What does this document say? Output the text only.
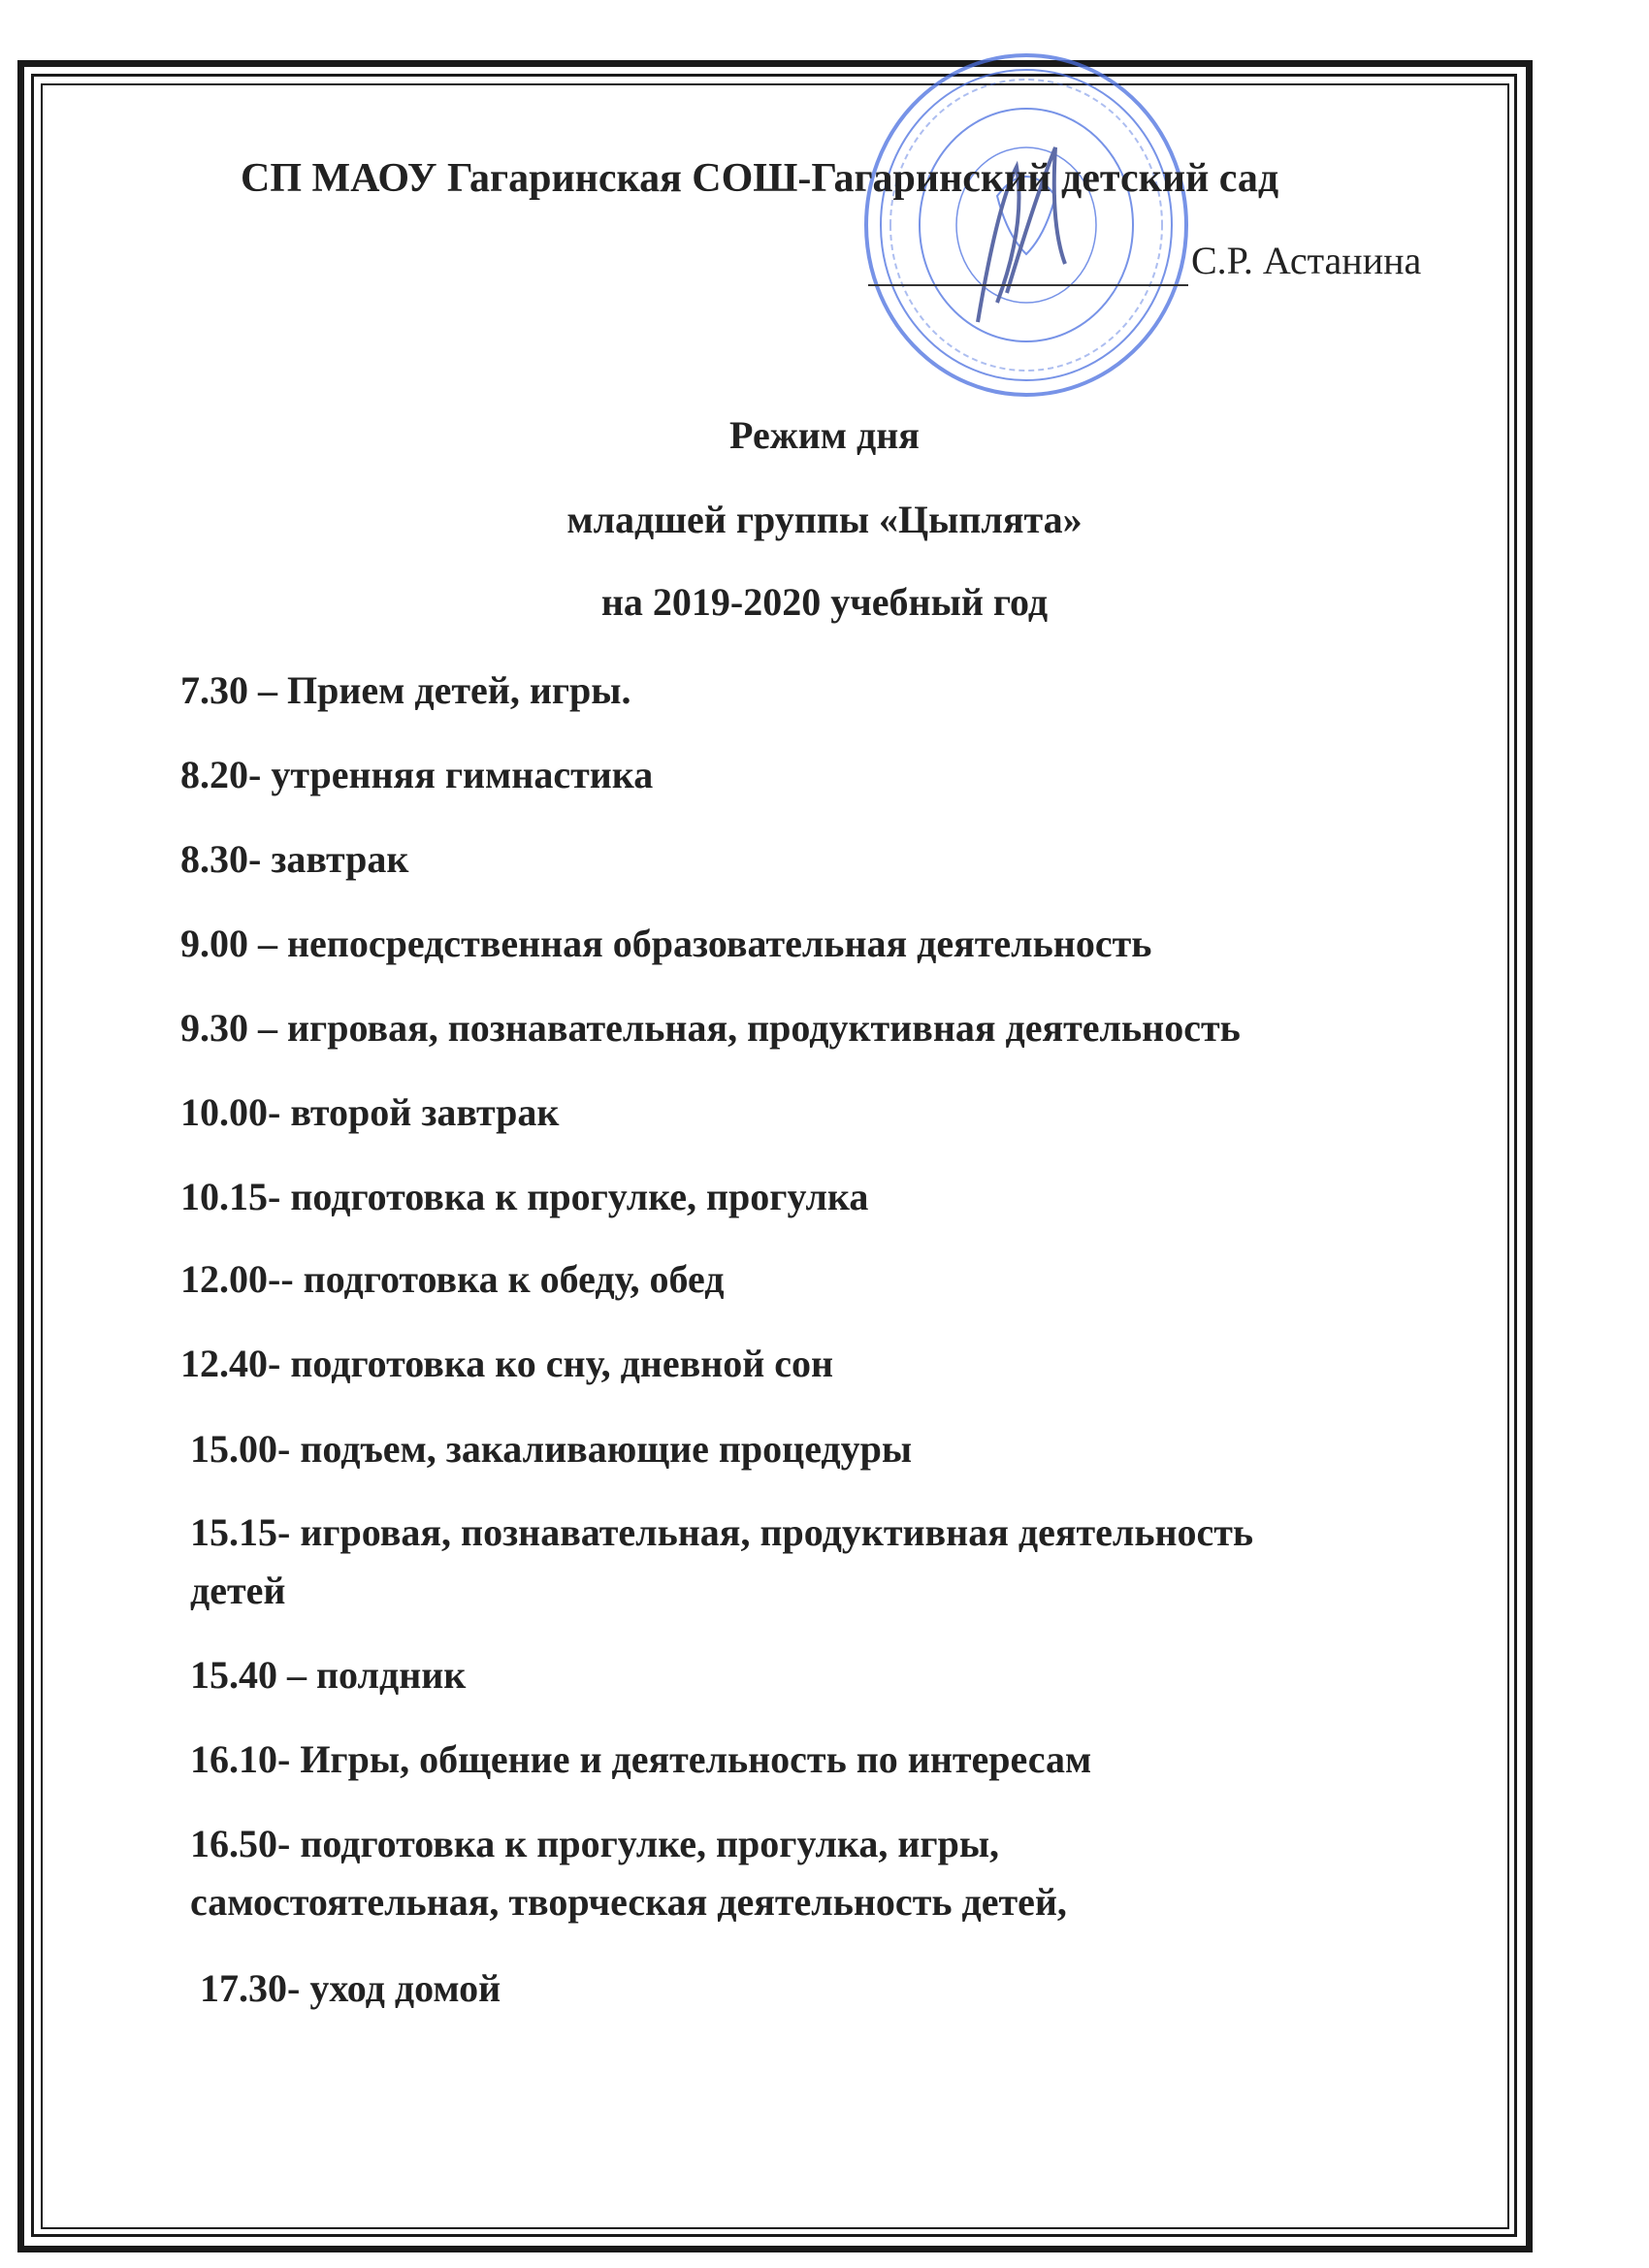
СП МАОУ Гагаринская СОШ-Гагаринский детский сад
С.Р. Астанина
Режим дня
младшей группы «Цыплята»
на 2019-2020 учебный год
7.30 – Прием детей, игры.
8.20- утренняя гимнастика
8.30- завтрак
9.00 – непосредственная образовательная деятельность
9.30 – игровая, познавательная, продуктивная деятельность
10.00- второй завтрак
10.15- подготовка к прогулке, прогулка
12.00-- подготовка к обеду, обед
12.40- подготовка ко сну, дневной сон
15.00- подъем, закаливающие процедуры
15.15- игровая, познавательная, продуктивная деятельность
детей
15.40 – полдник
16.10- Игры, общение и деятельность по интересам
16.50- подготовка к прогулке, прогулка, игры,
самостоятельная, творческая деятельность детей,
17.30- уход домой
